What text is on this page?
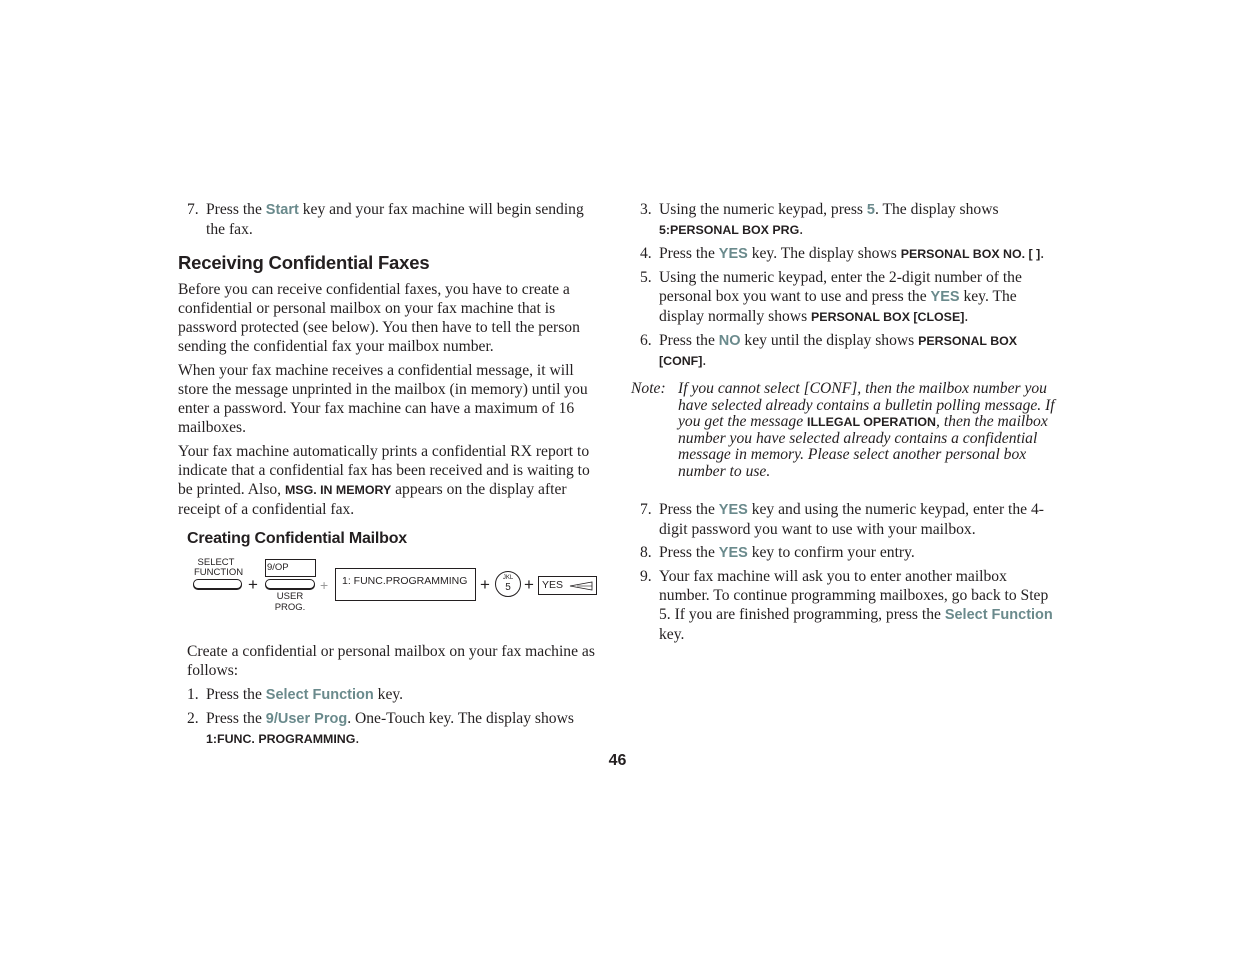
7. Press the Start key and your fax machine will begin sending the fax.
Receiving Confidential Faxes

Before you can receive confidential faxes, you have to create a confidential or personal mailbox on your fax machine that is password protected (see below). You then have to tell the person sending the confidential fax your mailbox number.

When your fax machine receives a confidential message, it will store the message unprinted in the mailbox (in memory) until you enter a password. Your fax machine can have a maximum of 16 mailboxes.

Your fax machine automatically prints a confidential RX report to indicate that a confidential fax has been received and is waiting to be printed. Also, MSG. IN MEMORY appears on the display after receipt of a confidential fax.

Creating Confidential Mailbox
SELECT
FUNCTION
+
9/OP
USER
PROG.
+	1: FUNC.PROGRAMMING +	JKL
5 + YES

Create a confidential or personal mailbox on your fax machine as follows:

1. Press the Select Function key.
2. Press the 9/User Prog. One-Touch key. The display shows 1:FUNC. PROGRAMMING.
3. Using the numeric keypad, press 5. The display shows 5:PERSONAL BOX PRG.
4. Press the YES key. The display shows PERSONAL BOX NO. [ ].
5. Using the numeric keypad, enter the 2-digit number of the personal box you want to use and press the YES key. The display normally shows PERSONAL BOX [CLOSE].
6. Press the NO key until the display shows PERSONAL BOX [CONF].
Note: If you cannot select [CONF], then the mailbox number you have selected already contains a bulletin polling message. If you get the message ILLEGAL OPERATION, then the mailbox number you have selected already contains a confidential message in memory. Please select another personal box number to use.
7. Press the YES key and using the numeric keypad, enter the 4-digit password you want to use with your mailbox.
8. Press the YES key to confirm your entry.
9. Your fax machine will ask you to enter another mailbox number. To continue programming mailboxes, go back to Step 5. If you are finished programming, press the Select Function key.
46
